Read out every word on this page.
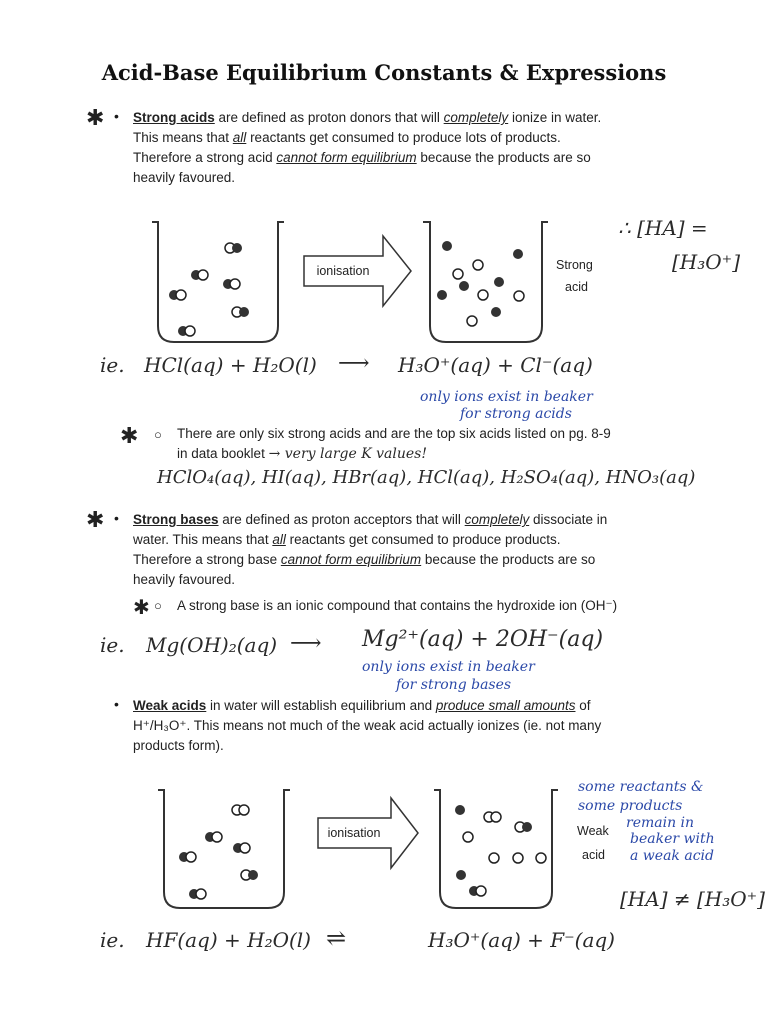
Acid-Base Equilibrium Constants & Expressions
✱ • Strong acids are defined as proton donors that will completely ionize in water.
This means that all reactants get consumed to produce lots of products.
Therefore a strong acid cannot form equilibrium because the products are so
heavily favoured.
ionisation	Strong
acid
∴ [HA] =
[H₃O⁺]
ie. HCl(aq) + H₂O(l) ⟶ H₃O⁺(aq) + Cl⁻(aq)
only ions exist in beaker
for strong acids
✱ ○ There are only six strong acids and are the top six acids listed on pg. 8-9
in data booklet → very large K values!
HClO₄(aq), HI(aq), HBr(aq), HCl(aq), H₂SO₄(aq), HNO₃(aq)
✱ • Strong bases are defined as proton acceptors that will completely dissociate in
water. This means that all reactants get consumed to produce products.
Therefore a strong base cannot form equilibrium because the products are so
heavily favoured.
✱ ○ A strong base is an ionic compound that contains the hydroxide ion (OH⁻)
ie. Mg(OH)₂(aq) ⟶ Mg²⁺(aq) + 2OH⁻(aq)
only ions exist in beaker
for strong bases
• Weak acids in water will establish equilibrium and produce small amounts of
H⁺/H₃O⁺. This means not much of the weak acid actually ionizes (ie. not many
products form).
ionisation	Weak
acid
some reactants &
some products
remain in
beaker with
a weak acid
[HA] ≠ [H₃O⁺]
ie. HF(aq) + H₂O(l) ⇌	H₃O⁺(aq) + F⁻(aq)
